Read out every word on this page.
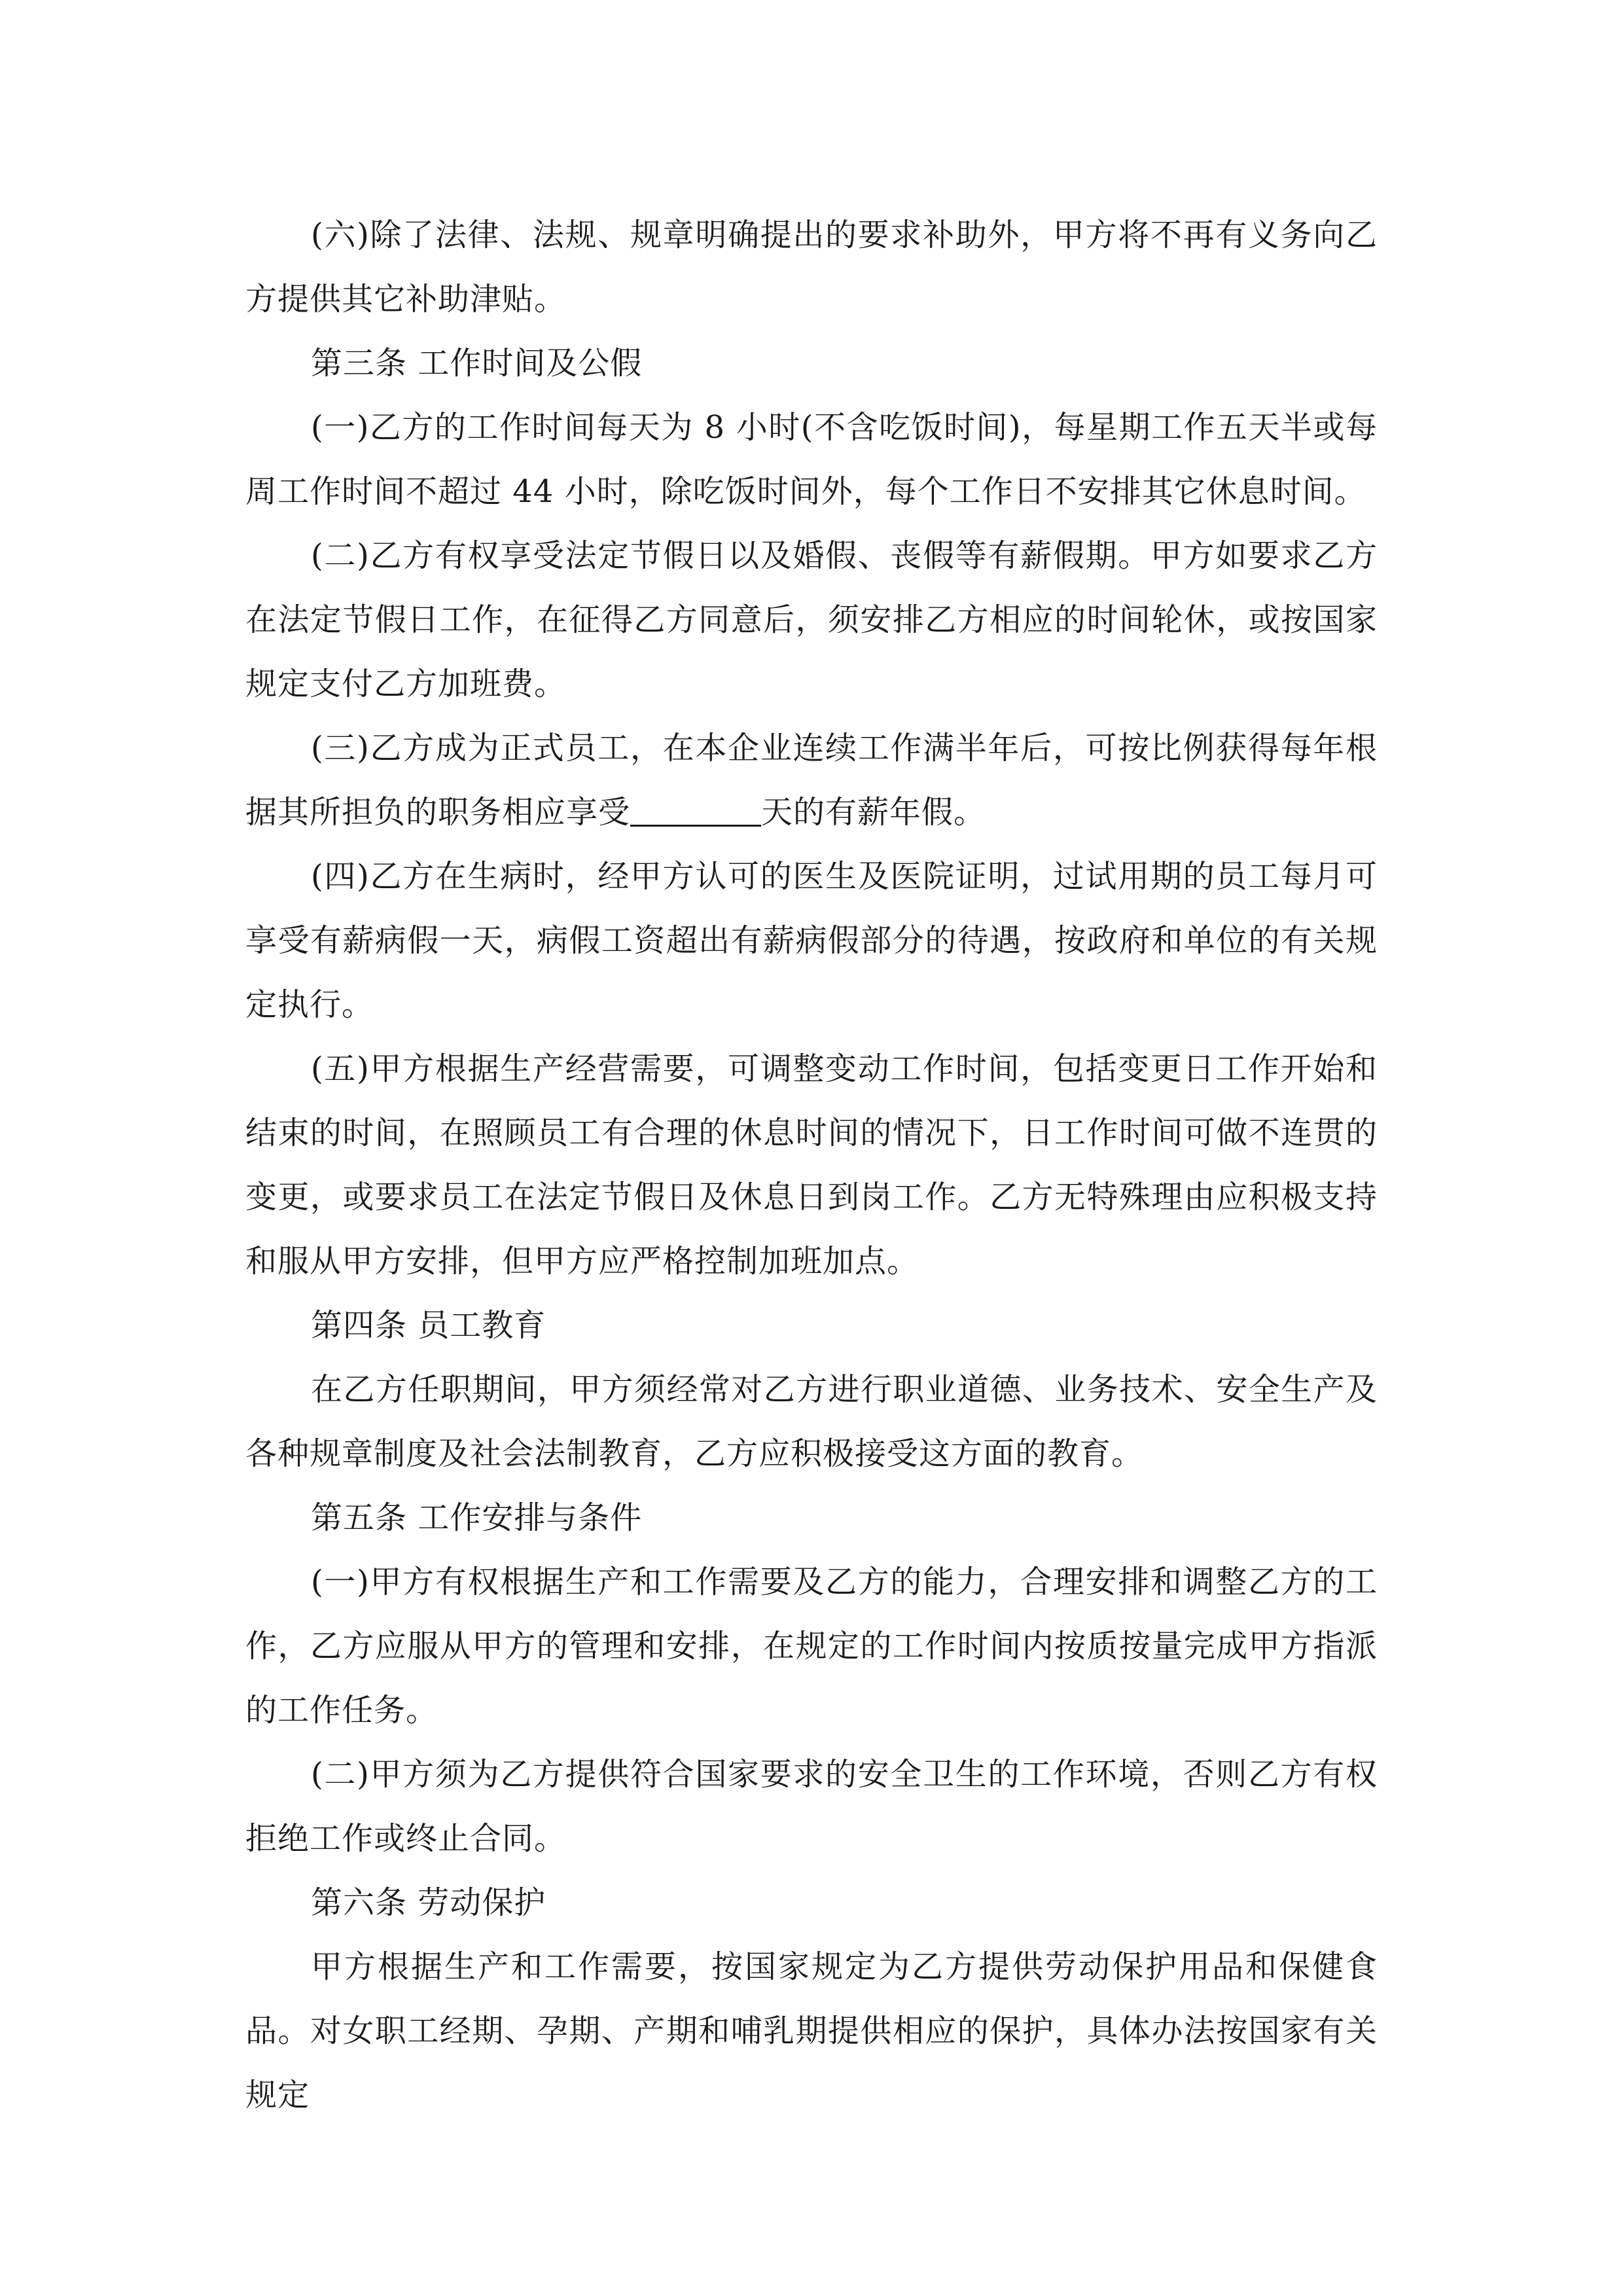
(六)除了法律、法规、规章明确提出的要求补助外，甲方将不再有义务向乙方提供其它补助津贴。

第三条 工作时间及公假

(一)乙方的工作时间每天为 8 小时(不含吃饭时间)，每星期工作五天半或每周工作时间不超过 44 小时，除吃饭时间外，每个工作日不安排其它休息时间。

(二)乙方有权享受法定节假日以及婚假、丧假等有薪假期。甲方如要求乙方在法定节假日工作，在征得乙方同意后，须安排乙方相应的时间轮休，或按国家规定支付乙方加班费。

(三)乙方成为正式员工，在本企业连续工作满半年后，可按比例获得每年根据其所担负的职务相应享受	天的有薪年假。

(四)乙方在生病时，经甲方认可的医生及医院证明，过试用期的员工每月可享受有薪病假一天，病假工资超出有薪病假部分的待遇，按政府和单位的有关规定执行。

(五)甲方根据生产经营需要，可调整变动工作时间，包括变更日工作开始和结束的时间，在照顾员工有合理的休息时间的情况下，日工作时间可做不连贯的变更，或要求员工在法定节假日及休息日到岗工作。乙方无特殊理由应积极支持和服从甲方安排，但甲方应严格控制加班加点。

第四条 员工教育

在乙方任职期间，甲方须经常对乙方进行职业道德、业务技术、安全生产及各种规章制度及社会法制教育，乙方应积极接受这方面的教育。

第五条 工作安排与条件

(一)甲方有权根据生产和工作需要及乙方的能力，合理安排和调整乙方的工作，乙方应服从甲方的管理和安排，在规定的工作时间内按质按量完成甲方指派的工作任务。

(二)甲方须为乙方提供符合国家要求的安全卫生的工作环境，否则乙方有权拒绝工作或终止合同。

第六条 劳动保护

甲方根据生产和工作需要，按国家规定为乙方提供劳动保护用品和保健食品。对女职工经期、孕期、产期和哺乳期提供相应的保护，具体办法按国家有关规定
